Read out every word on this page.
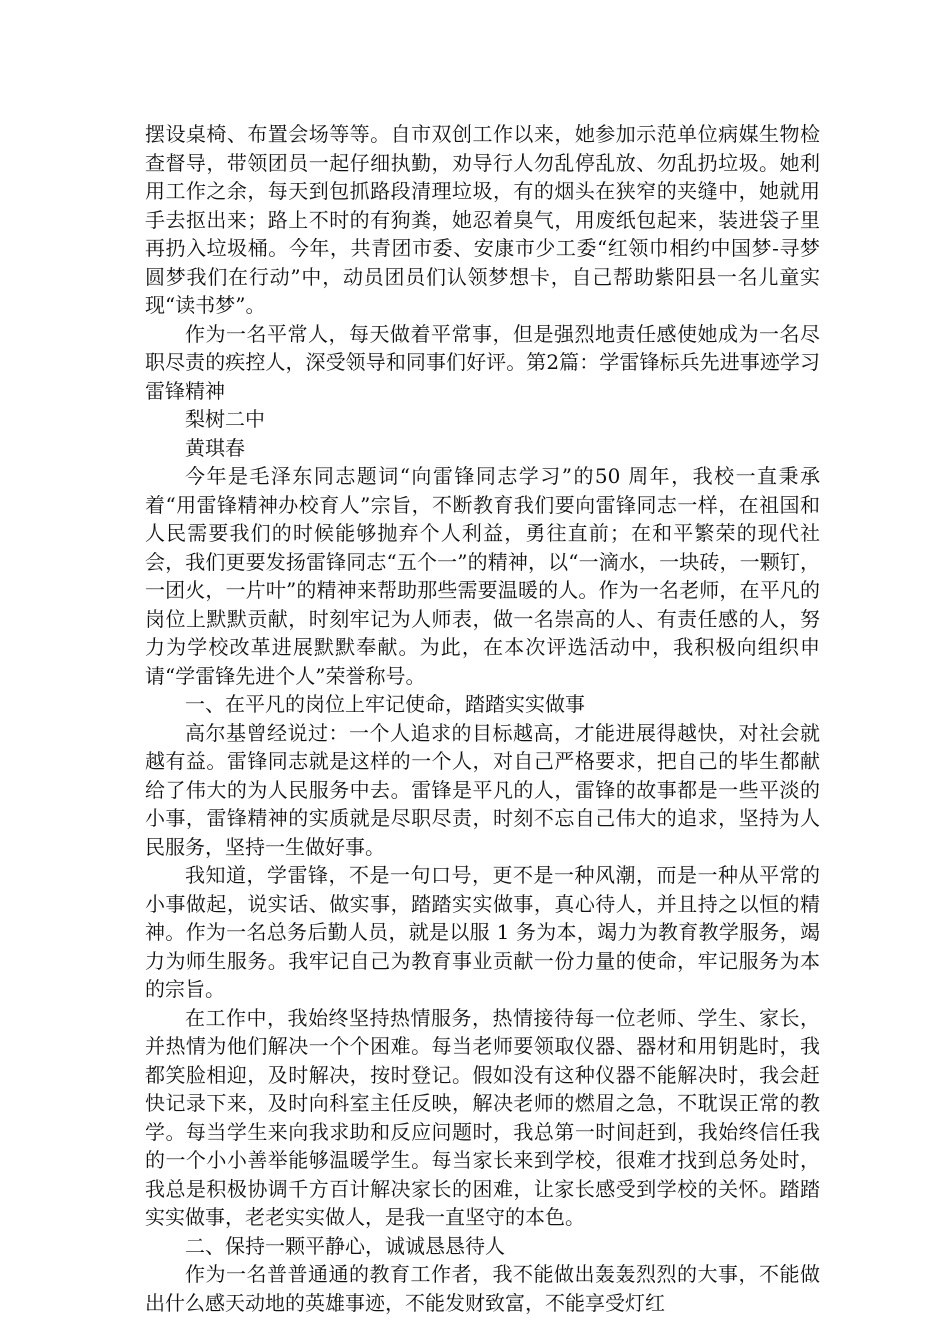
摆设桌椅、布置会场等等。自市双创工作以来，她参加示范单位病媒生物检查督导，带领团员一起仔细执勤，劝导行人勿乱停乱放、勿乱扔垃圾。她利用工作之余，每天到包抓路段清理垃圾，有的烟头在狭窄的夹缝中，她就用手去抠出来；路上不时的有狗粪，她忍着臭气，用废纸包起来，装进袋子里再扔入垃圾桶。今年，共青团市委、安康市少工委“红领巾相约中国梦-寻梦圆梦我们在行动”中，动员团员们认领梦想卡，自己帮助紫阳县一名儿童实现“读书梦”。

作为一名平常人，每天做着平常事，但是强烈地责任感使她成为一名尽职尽责的疾控人，深受领导和同事们好评。第2篇：学雷锋标兵先进事迹学习雷锋精神

梨树二中

黄琪春

今年是毛泽东同志题词“向雷锋同志学习”的50 周年，我校一直秉承着“用雷锋精神办校育人”宗旨，不断教育我们要向雷锋同志一样，在祖国和人民需要我们的时候能够抛弃个人利益，勇往直前；在和平繁荣的现代社会，我们更要发扬雷锋同志“五个一”的精神，以“一滴水，一块砖，一颗钉，一团火，一片叶”的精神来帮助那些需要温暖的人。作为一名老师，在平凡的岗位上默默贡献，时刻牢记为人师表，做一名崇高的人、有责任感的人，努力为学校改革进展默默奉献。为此，在本次评选活动中，我积极向组织申请“学雷锋先进个人”荣誉称号。

一、在平凡的岗位上牢记使命，踏踏实实做事

高尔基曾经说过：一个人追求的目标越高，才能进展得越快，对社会就越有益。雷锋同志就是这样的一个人，对自己严格要求，把自己的毕生都献给了伟大的为人民服务中去。雷锋是平凡的人，雷锋的故事都是一些平淡的小事，雷锋精神的实质就是尽职尽责，时刻不忘自己伟大的追求，坚持为人民服务，坚持一生做好事。

我知道，学雷锋，不是一句口号，更不是一种风潮，而是一种从平常的小事做起，说实话、做实事，踏踏实实做事，真心待人，并且持之以恒的精神。作为一名总务后勤人员，就是以服 1 务为本，竭力为教育教学服务，竭力为师生服务。我牢记自己为教育事业贡献一份力量的使命，牢记服务为本的宗旨。

在工作中，我始终坚持热情服务，热情接待每一位老师、学生、家长，并热情为他们解决一个个困难。每当老师要领取仪器、器材和用钥匙时，我都笑脸相迎，及时解决，按时登记。假如没有这种仪器不能解决时，我会赶快记录下来，及时向科室主任反映，解决老师的燃眉之急，不耽误正常的教学。每当学生来向我求助和反应问题时，我总第一时间赶到，我始终信任我的一个小小善举能够温暖学生。每当家长来到学校，很难才找到总务处时，我总是积极协调千方百计解决家长的困难，让家长感受到学校的关怀。踏踏实实做事，老老实实做人，是我一直坚守的本色。

二、保持一颗平静心，诚诚恳恳待人

作为一名普普通通的教育工作者，我不能做出轰轰烈烈的大事，不能做出什么感天动地的英雄事迹，不能发财致富，不能享受灯红
